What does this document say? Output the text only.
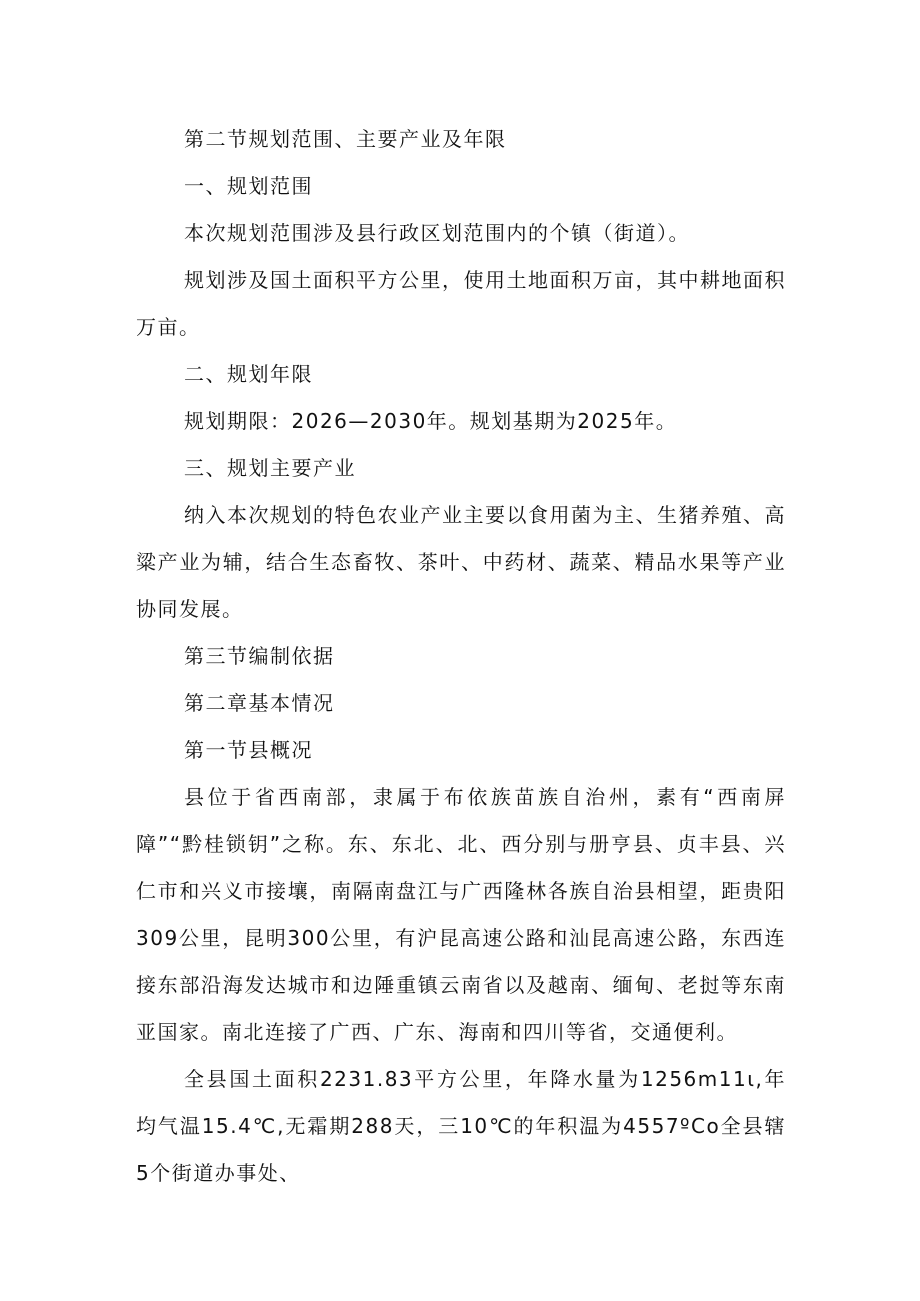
第二节规划范围、主要产业及年限

一、规划范围

本次规划范围涉及县行政区划范围内的个镇（街道）。

规划涉及国土面积平方公里，使用土地面积万亩，其中耕地面积万亩。

二、规划年限

规划期限：2026—2030年。规划基期为2025年。

三、规划主要产业

纳入本次规划的特色农业产业主要以食用菌为主、生猪养殖、高粱产业为辅，结合生态畜牧、茶叶、中药材、蔬菜、精品水果等产业协同发展。

第三节编制依据

第二章基本情况

第一节县概况

县位于省西南部，隶属于布依族苗族自治州，素有“西南屏障”“黔桂锁钥”之称。东、东北、北、西分别与册亨县、贞丰县、兴仁市和兴义市接壤，南隔南盘江与广西隆林各族自治县相望，距贵阳309公里，昆明300公里，有沪昆高速公路和汕昆高速公路，东西连接东部沿海发达城市和边陲重镇云南省以及越南、缅甸、老挝等东南亚国家。南北连接了广西、广东、海南和四川等省，交通便利。

全县国土面积2231.83平方公里，年降水量为1256m11ι,年均气温15.4℃,无霜期288天，三10℃的年积温为4557ºCo全县辖5个街道办事处、
